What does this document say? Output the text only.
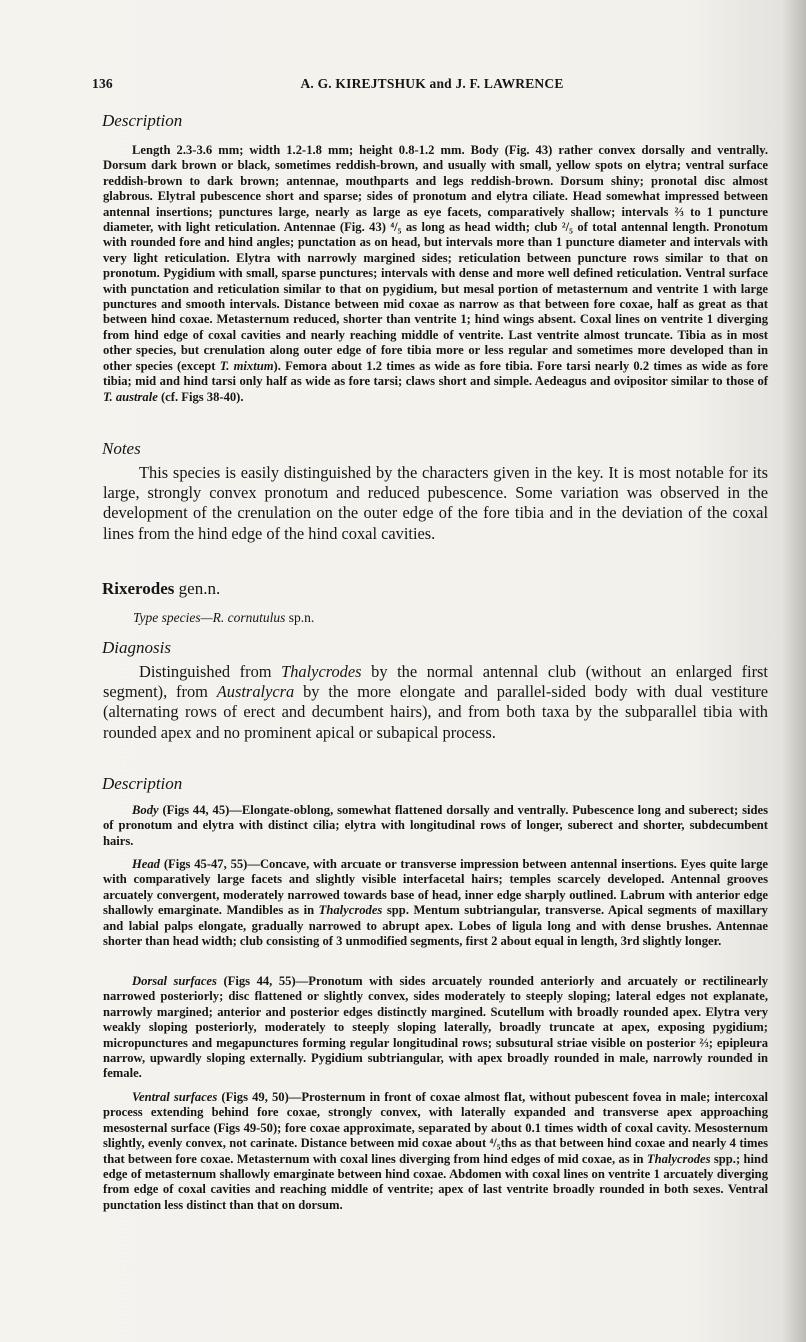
136	A. G. KIREJTSHUK and J. F. LAWRENCE
Description

Length 2.3-3.6 mm; width 1.2-1.8 mm; height 0.8-1.2 mm. Body (Fig. 43) rather convex dorsally and ventrally. Dorsum dark brown or black, sometimes reddish-brown, and usually with small, yellow spots on elytra; ventral surface reddish-brown to dark brown; antennae, mouthparts and legs reddish-brown. Dorsum shiny; pronotal disc almost glabrous. Elytral pubescence short and sparse; sides of pronotum and elytra ciliate. Head somewhat impressed between antennal insertions; punctures large, nearly as large as eye facets, comparatively shallow; intervals ⅔ to 1 puncture diameter, with light reticulation. Antennae (Fig. 43) ⁴/₅ as long as head width; club ²/₅ of total antennal length. Pronotum with rounded fore and hind angles; punctation as on head, but intervals more than 1 puncture diameter and intervals with very light reticulation. Elytra with narrowly margined sides; reticulation between puncture rows similar to that on pronotum. Pygidium with small, sparse punctures; intervals with dense and more well defined reticulation. Ventral surface with punctation and reticulation similar to that on pygidium, but mesal portion of metasternum and ventrite 1 with large punctures and smooth intervals. Distance between mid coxae as narrow as that between fore coxae, half as great as that between hind coxae. Metasternum reduced, shorter than ventrite 1; hind wings absent. Coxal lines on ventrite 1 diverging from hind edge of coxal cavities and nearly reaching middle of ventrite. Last ventrite almost truncate. Tibia as in most other species, but crenulation along outer edge of fore tibia more or less regular and sometimes more developed than in other species (except T. mixtum). Femora about 1.2 times as wide as fore tibia. Fore tarsi nearly 0.2 times as wide as fore tibia; mid and hind tarsi only half as wide as fore tarsi; claws short and simple. Aedeagus and ovipositor similar to those of T. australe (cf. Figs 38-40).

Notes

This species is easily distinguished by the characters given in the key. It is most notable for its large, strongly convex pronotum and reduced pubescence. Some variation was observed in the development of the crenulation on the outer edge of the fore tibia and in the deviation of the coxal lines from the hind edge of the hind coxal cavities.

Rixerodes gen.n.
Type species—R. cornutulus sp.n.
Diagnosis

Distinguished from Thalycrodes by the normal antennal club (without an enlarged first segment), from Australycra by the more elongate and parallel-sided body with dual vestiture (alternating rows of erect and decumbent hairs), and from both taxa by the subparallel tibia with rounded apex and no prominent apical or subapical process.

Description

Body (Figs 44, 45)—Elongate-oblong, somewhat flattened dorsally and ventrally. Pubescence long and suberect; sides of pronotum and elytra with distinct cilia; elytra with longitudinal rows of longer, suberect and shorter, subdecumbent hairs.

Head (Figs 45-47, 55)—Concave, with arcuate or transverse impression between antennal insertions. Eyes quite large with comparatively large facets and slightly visible interfacetal hairs; temples scarcely developed. Antennal grooves arcuately convergent, moderately narrowed towards base of head, inner edge sharply outlined. Labrum with anterior edge shallowly emarginate. Mandibles as in Thalycrodes spp. Mentum subtriangular, transverse. Apical segments of maxillary and labial palps elongate, gradually narrowed to abrupt apex. Lobes of ligula long and with dense brushes. Antennae shorter than head width; club consisting of 3 unmodified segments, first 2 about equal in length, 3rd slightly longer.

Dorsal surfaces (Figs 44, 55)—Pronotum with sides arcuately rounded anteriorly and arcuately or rectilinearly narrowed posteriorly; disc flattened or slightly convex, sides moderately to steeply sloping; lateral edges not explanate, narrowly margined; anterior and posterior edges distinctly margined. Scutellum with broadly rounded apex. Elytra very weakly sloping posteriorly, moderately to steeply sloping laterally, broadly truncate at apex, exposing pygidium; micropunctures and megapunctures forming regular longitudinal rows; subsutural striae visible on posterior ⅔; epipleura narrow, upwardly sloping externally. Pygidium subtriangular, with apex broadly rounded in male, narrowly rounded in female.

Ventral surfaces (Figs 49, 50)—Prosternum in front of coxae almost flat, without pubescent fovea in male; intercoxal process extending behind fore coxae, strongly convex, with laterally expanded and transverse apex approaching mesosternal surface (Figs 49-50); fore coxae approximate, separated by about 0.1 times width of coxal cavity. Mesosternum slightly, evenly convex, not carinate. Distance between mid coxae about ⁴/₅ths as that between hind coxae and nearly 4 times that between fore coxae. Metasternum with coxal lines diverging from hind edges of mid coxae, as in Thalycrodes spp.; hind edge of metasternum shallowly emarginate between hind coxae. Abdomen with coxal lines on ventrite 1 arcuately diverging from edge of coxal cavities and reaching middle of ventrite; apex of last ventrite broadly rounded in both sexes. Ventral punctation less distinct than that on dorsum.
